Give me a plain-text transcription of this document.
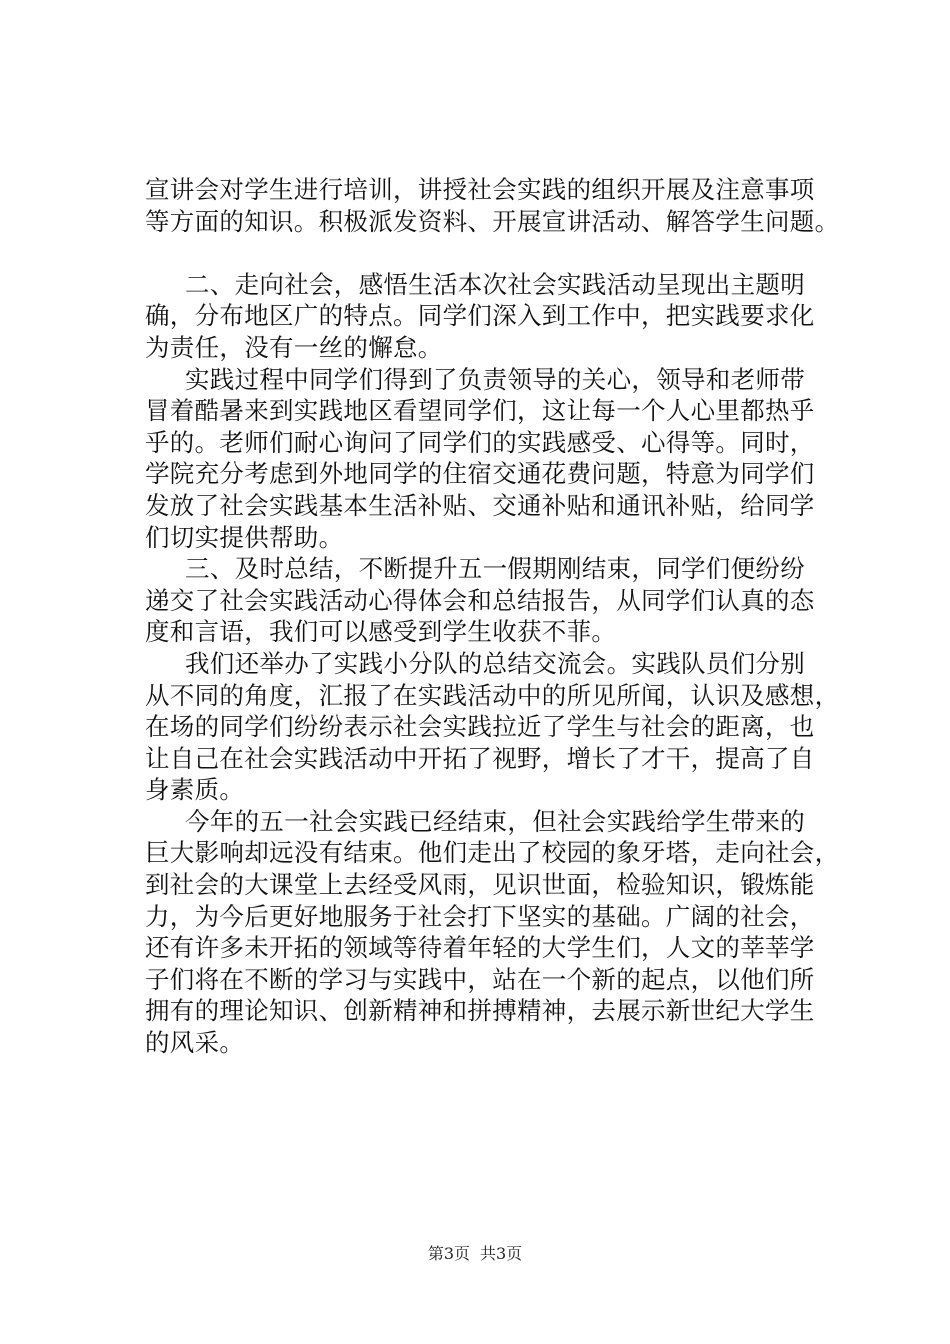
宣讲会对学生进行培训，讲授社会实践的组织开展及注意事项
等方面的知识。积极派发资料、开展宣讲活动、解答学生问题。
二、走向社会，感悟生活本次社会实践活动呈现出主题明
确，分布地区广的特点。同学们深入到工作中，把实践要求化
为责任，没有一丝的懈怠。
实践过程中同学们得到了负责领导的关心，领导和老师带
冒着酷暑来到实践地区看望同学们，这让每一个人心里都热乎
乎的。老师们耐心询问了同学们的实践感受、心得等。同时，
学院充分考虑到外地同学的住宿交通花费问题，特意为同学们
发放了社会实践基本生活补贴、交通补贴和通讯补贴，给同学
们切实提供帮助。
三、及时总结，不断提升五一假期刚结束，同学们便纷纷
递交了社会实践活动心得体会和总结报告，从同学们认真的态
度和言语，我们可以感受到学生收获不菲。
我们还举办了实践小分队的总结交流会。实践队员们分别
从不同的角度，汇报了在实践活动中的所见所闻，认识及感想，
在场的同学们纷纷表示社会实践拉近了学生与社会的距离，也
让自己在社会实践活动中开拓了视野，增长了才干，提高了自
身素质。
今年的五一社会实践已经结束，但社会实践给学生带来的
巨大影响却远没有结束。他们走出了校园的象牙塔，走向社会，
到社会的大课堂上去经受风雨，见识世面，检验知识，锻炼能
力，为今后更好地服务于社会打下坚实的基础。广阔的社会，
还有许多未开拓的领域等待着年轻的大学生们，人文的莘莘学
子们将在不断的学习与实践中，站在一个新的起点，以他们所
拥有的理论知识、创新精神和拼搏精神，去展示新世纪大学生
的风采。
第3页 共3页
